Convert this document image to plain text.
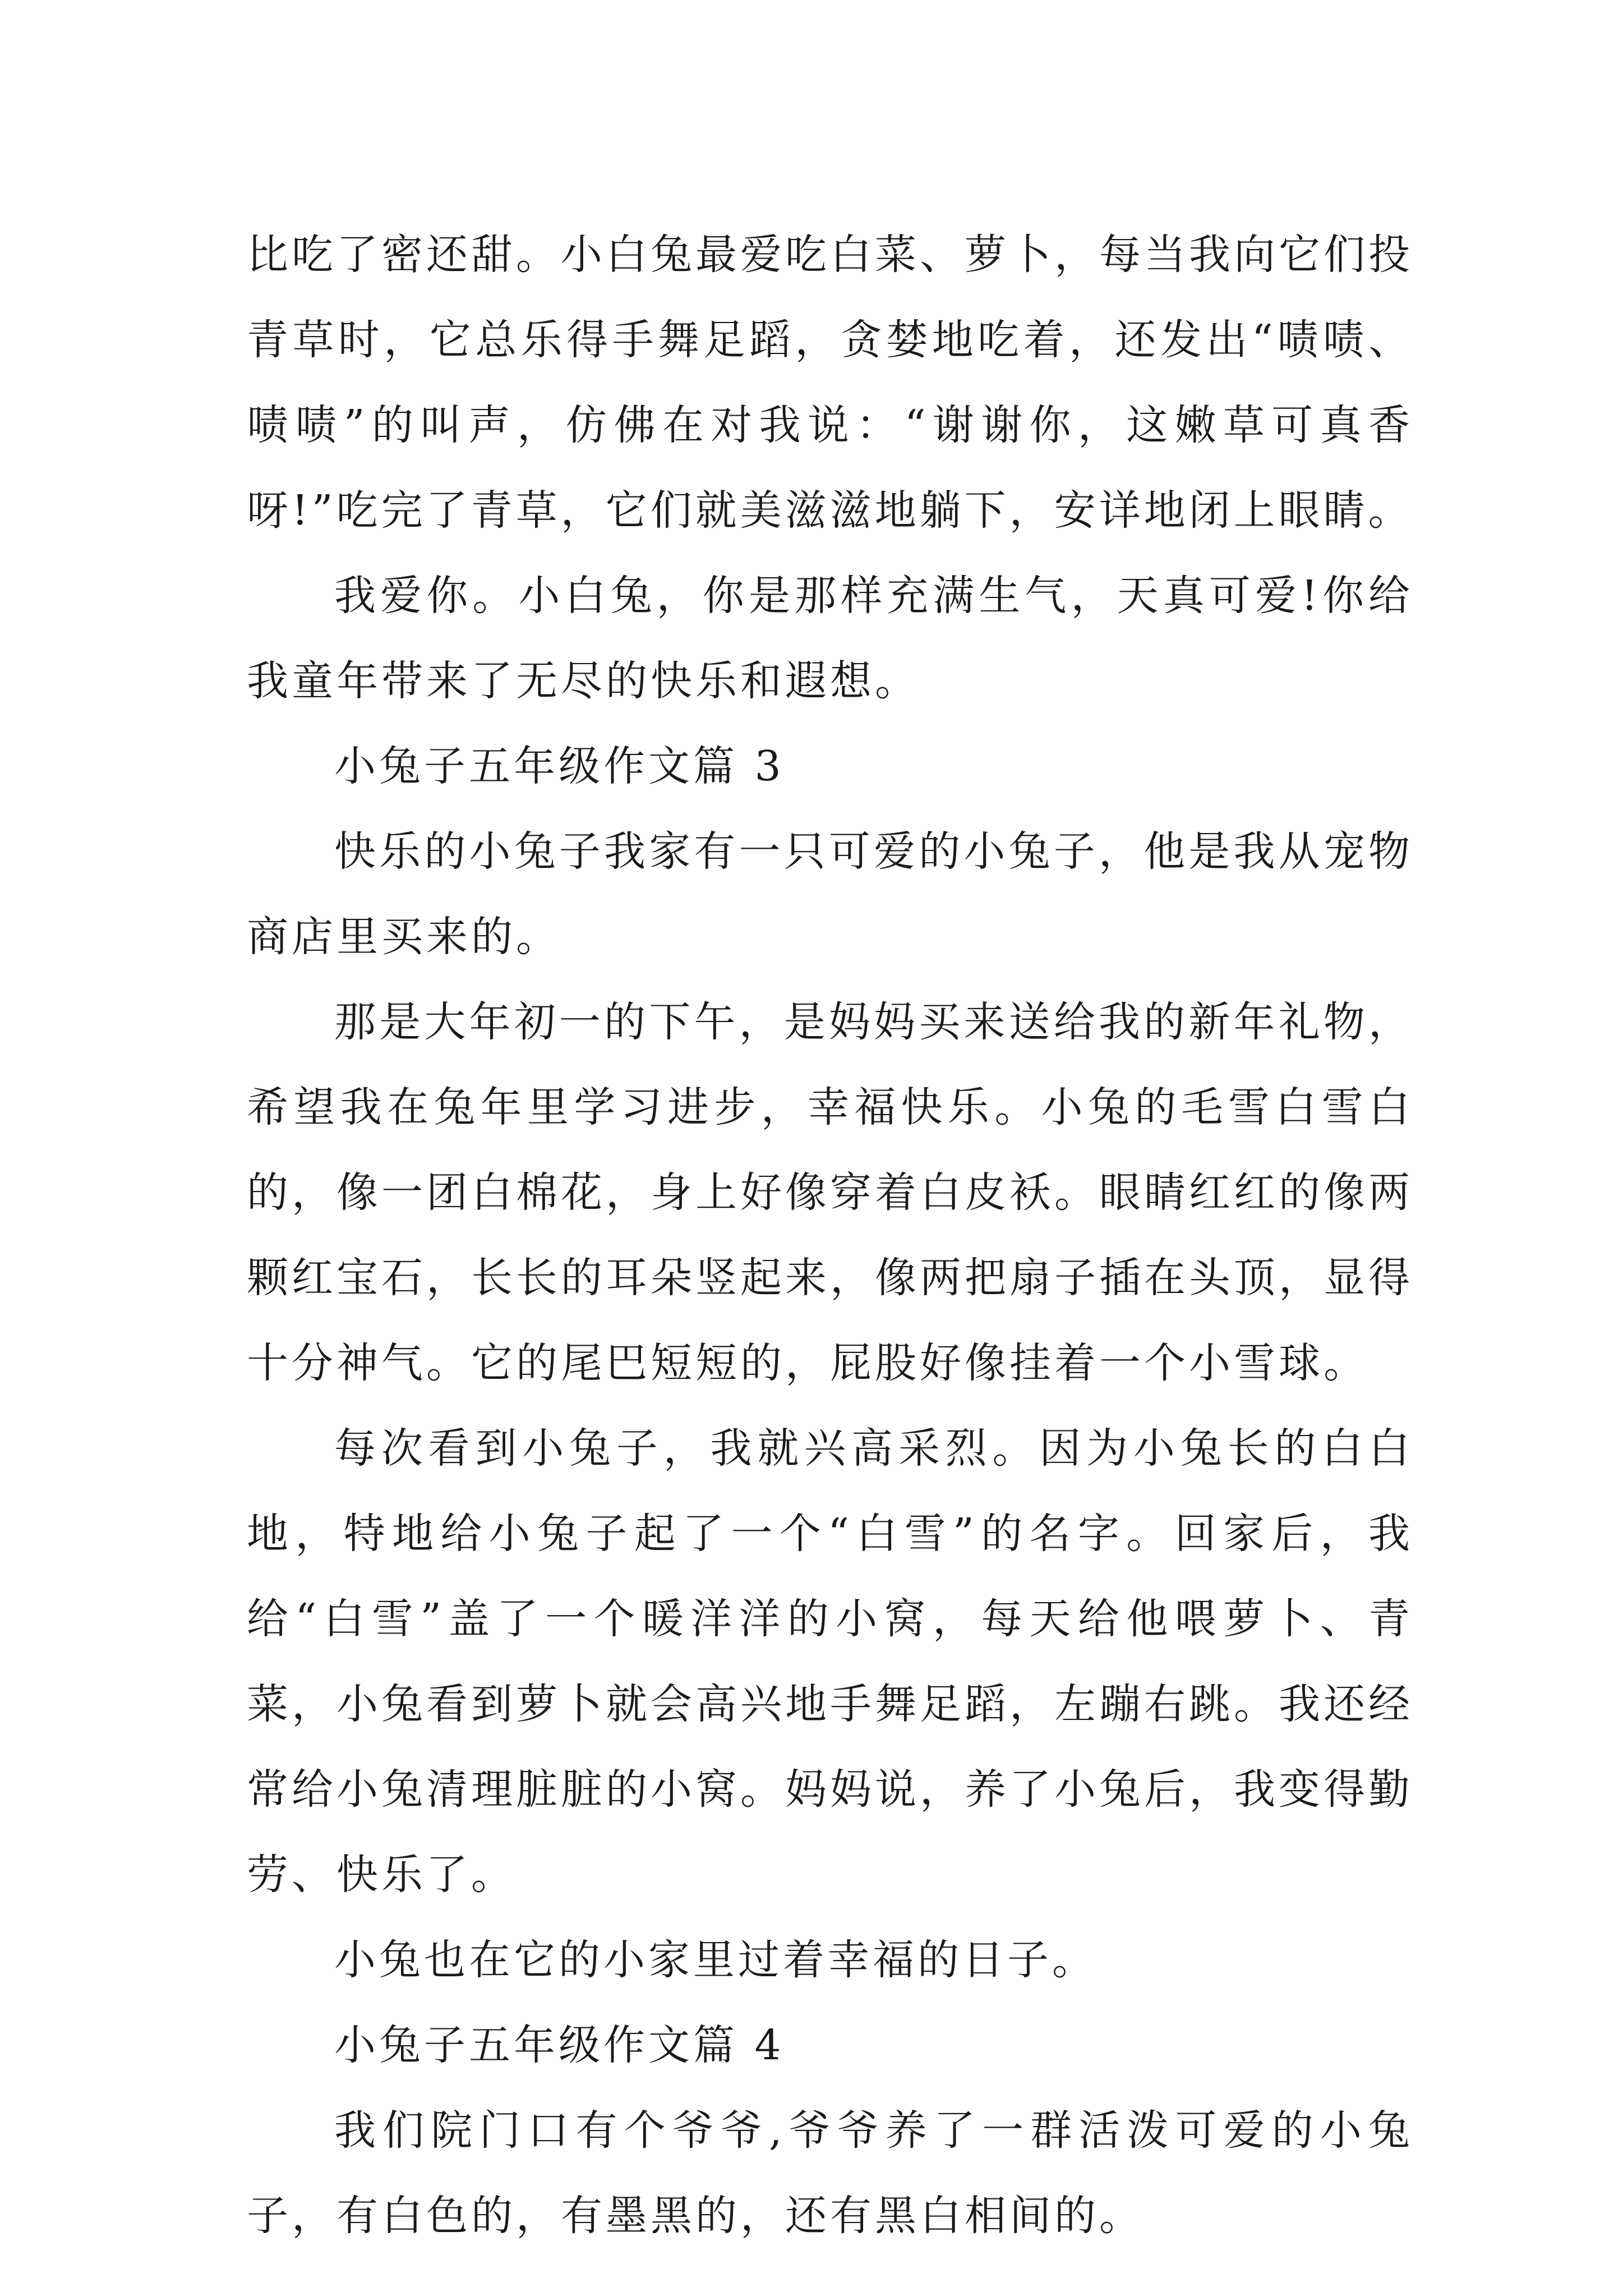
比吃了密还甜。小白兔最爱吃白菜、萝卜，每当我向它们投青草时，它总乐得手舞足蹈，贪婪地吃着，还发出“啧啧、啧啧”的叫声，仿佛在对我说：“谢谢你，这嫩草可真香呀!”吃完了青草，它们就美滋滋地躺下，安详地闭上眼睛。

我爱你。小白兔，你是那样充满生气，天真可爱!你给我童年带来了无尽的快乐和遐想。

小兔子五年级作文篇 3

快乐的小兔子我家有一只可爱的小兔子，他是我从宠物商店里买来的。

那是大年初一的下午，是妈妈买来送给我的新年礼物，希望我在兔年里学习进步，幸福快乐。小兔的毛雪白雪白的，像一团白棉花，身上好像穿着白皮袄。眼睛红红的像两颗红宝石，长长的耳朵竖起来，像两把扇子插在头顶，显得十分神气。它的尾巴短短的，屁股好像挂着一个小雪球。

每次看到小兔子，我就兴高采烈。因为小兔长的白白地，特地给小兔子起了一个“白雪”的名字。回家后，我给“白雪”盖了一个暖洋洋的小窝，每天给他喂萝卜、青菜，小兔看到萝卜就会高兴地手舞足蹈，左蹦右跳。我还经常给小兔清理脏脏的小窝。妈妈说，养了小兔后，我变得勤劳、快乐了。

小兔也在它的小家里过着幸福的日子。

小兔子五年级作文篇 4

我们院门口有个爷爷,爷爷养了一群活泼可爱的小兔子，有白色的，有墨黑的，还有黑白相间的。
